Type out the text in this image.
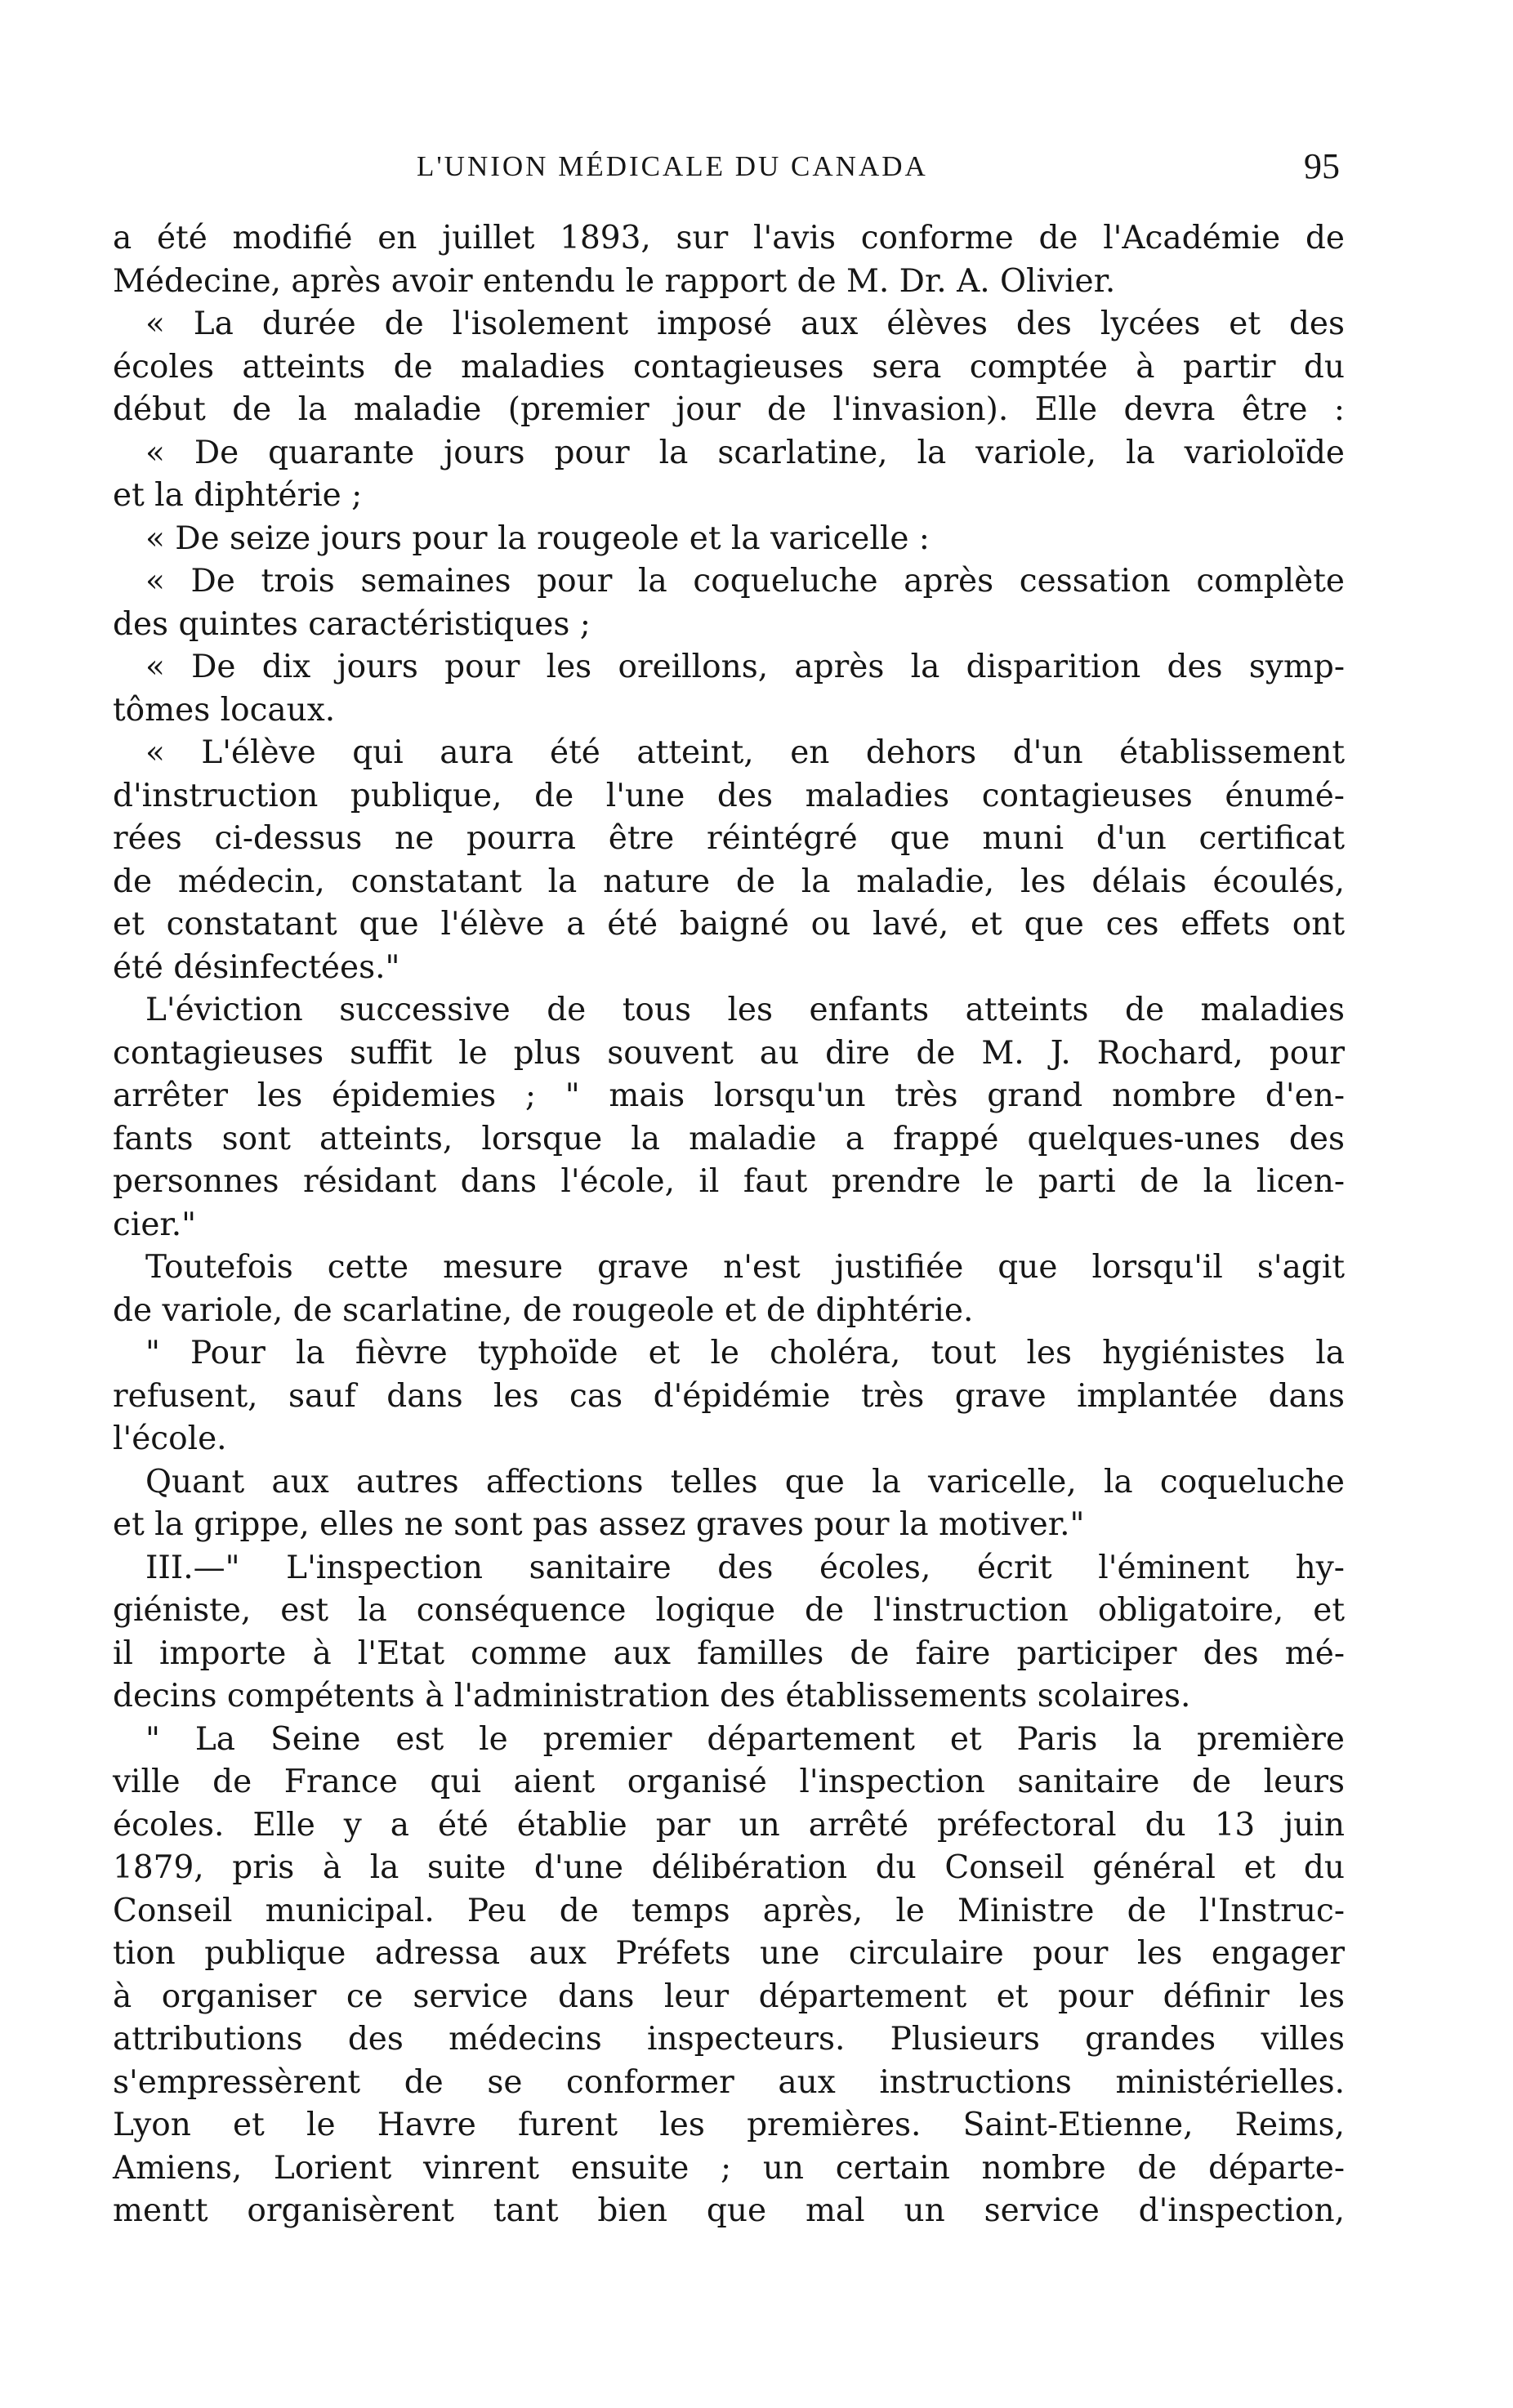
L'UNION MÉDICALE DU CANADA	95
a été modifié en juillet 1893, sur l'avis conforme de l'Académie de
Médecine, après avoir entendu le rapport de M. Dr. A. Olivier.
« La durée de l'isolement imposé aux élèves des lycées et des
écoles atteints de maladies contagieuses sera comptée à partir du
début de la maladie (premier jour de l'invasion). Elle devra être :
« De quarante jours pour la scarlatine, la variole, la varioloïde
et la diphtérie ;
« De seize jours pour la rougeole et la varicelle :
« De trois semaines pour la coqueluche après cessation complète
des quintes caractéristiques ;
« De dix jours pour les oreillons, après la disparition des symp-
tômes locaux.
« L'élève qui aura été atteint, en dehors d'un établissement
d'instruction publique, de l'une des maladies contagieuses énumé-
rées ci-dessus ne pourra être réintégré que muni d'un certificat
de médecin, constatant la nature de la maladie, les délais écoulés,
et constatant que l'élève a été baigné ou lavé, et que ces effets ont
été désinfectées."
L'éviction successive de tous les enfants atteints de maladies
contagieuses suffit le plus souvent au dire de M. J. Rochard, pour
arrêter les épidemies ; " mais lorsqu'un très grand nombre d'en-
fants sont atteints, lorsque la maladie a frappé quelques-unes des
personnes résidant dans l'école, il faut prendre le parti de la licen-
cier."
Toutefois cette mesure grave n'est justifiée que lorsqu'il s'agit
de variole, de scarlatine, de rougeole et de diphtérie.
" Pour la fièvre typhoïde et le choléra, tout les hygiénistes la
refusent, sauf dans les cas d'épidémie très grave implantée dans
l'école.
Quant aux autres affections telles que la varicelle, la coqueluche
et la grippe, elles ne sont pas assez graves pour la motiver."
III.—" L'inspection sanitaire des écoles, écrit l'éminent hy-
giéniste, est la conséquence logique de l'instruction obligatoire, et
il importe à l'Etat comme aux familles de faire participer des mé-
decins compétents à l'administration des établissements scolaires.
" La Seine est le premier département et Paris la première
ville de France qui aient organisé l'inspection sanitaire de leurs
écoles. Elle y a été établie par un arrêté préfectoral du 13 juin
1879, pris à la suite d'une délibération du Conseil général et du
Conseil municipal. Peu de temps après, le Ministre de l'Instruc-
tion publique adressa aux Préfets une circulaire pour les engager
à organiser ce service dans leur département et pour définir les
attributions des médecins inspecteurs. Plusieurs grandes villes
s'empressèrent de se conformer aux instructions ministérielles.
Lyon et le Havre furent les premières. Saint-Etienne, Reims,
Amiens, Lorient vinrent ensuite ; un certain nombre de départe-
mentt organisèrent tant bien que mal un service d'inspection,
